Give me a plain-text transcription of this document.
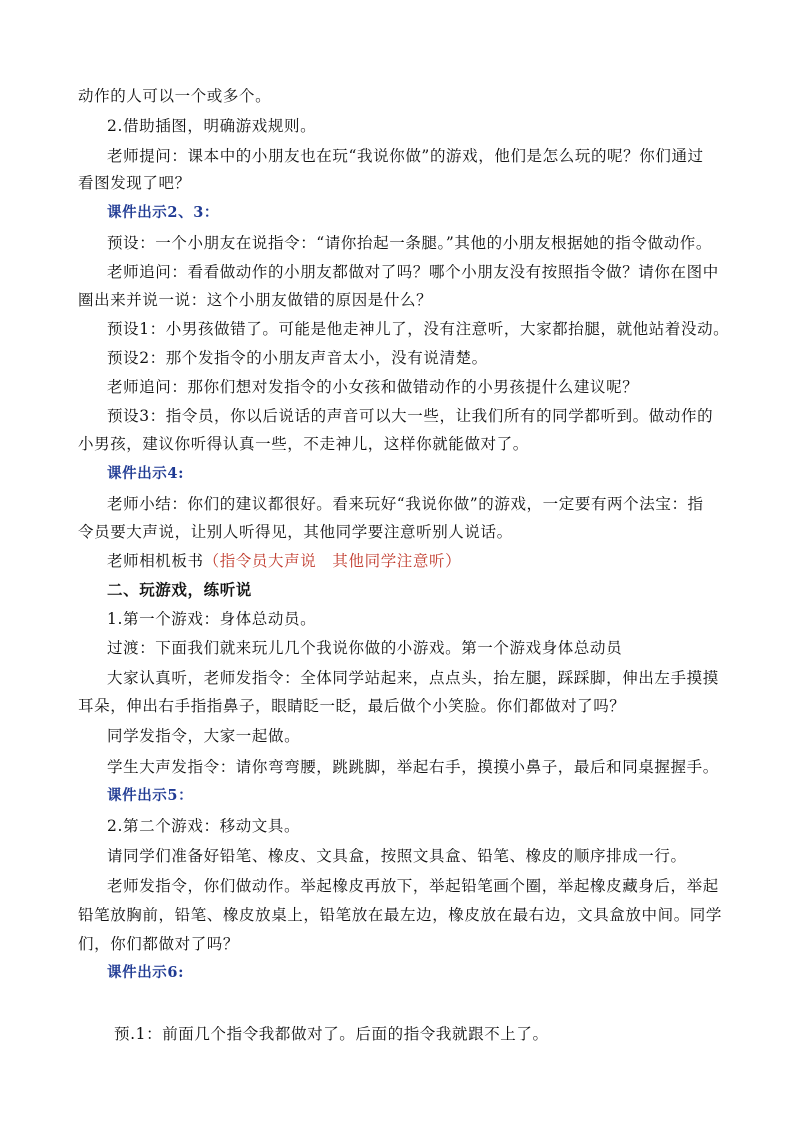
动作的人可以一个或多个。
2.借助插图，明确游戏规则。
老师提问：课本中的小朋友也在玩“我说你做”的游戏，他们是怎么玩的呢？你们通过
看图发现了吧？
课件出示2、3：
预设：一个小朋友在说指令：“请你抬起一条腿。”其他的小朋友根据她的指令做动作。
老师追问：看看做动作的小朋友都做对了吗？哪个小朋友没有按照指令做？请你在图中
圈出来并说一说：这个小朋友做错的原因是什么？
预设1：小男孩做错了。可能是他走神儿了，没有注意听，大家都抬腿，就他站着没动。
预设2：那个发指令的小朋友声音太小，没有说清楚。
老师追问：那你们想对发指令的小女孩和做错动作的小男孩提什么建议呢？
预设3：指令员，你以后说话的声音可以大一些，让我们所有的同学都听到。做动作的
小男孩，建议你听得认真一些，不走神儿，这样你就能做对了。
课件出示4:
老师小结：你们的建议都很好。看来玩好“我说你做”的游戏，一定要有两个法宝：指
令员要大声说，让别人听得见，其他同学要注意听别人说话。
老师相机板书（指令员大声说　其他同学注意听）
二、玩游戏，练听说
1.第一个游戏：身体总动员。
过渡：下面我们就来玩儿几个我说你做的小游戏。第一个游戏身体总动员
大家认真听，老师发指令：全体同学站起来，点点头，抬左腿，踩踩脚，伸出左手摸摸
耳朵，伸出右手指指鼻子，眼睛眨一眨，最后做个小笑脸。你们都做对了吗？
同学发指令，大家一起做。
学生大声发指令：请你弯弯腰，跳跳脚，举起右手，摸摸小鼻子，最后和同桌握握手。
课件出示5：
2.第二个游戏：移动文具。
请同学们准备好铅笔、橡皮、文具盒，按照文具盒、铅笔、橡皮的顺序排成一行。
老师发指令，你们做动作。举起橡皮再放下，举起铅笔画个圈，举起橡皮藏身后，举起
铅笔放胸前，铅笔、橡皮放桌上，铅笔放在最左边，橡皮放在最右边，文具盒放中间。同学
们，你们都做对了吗？
课件出示6:
预.1：前面几个指令我都做对了。后面的指令我就跟不上了。
